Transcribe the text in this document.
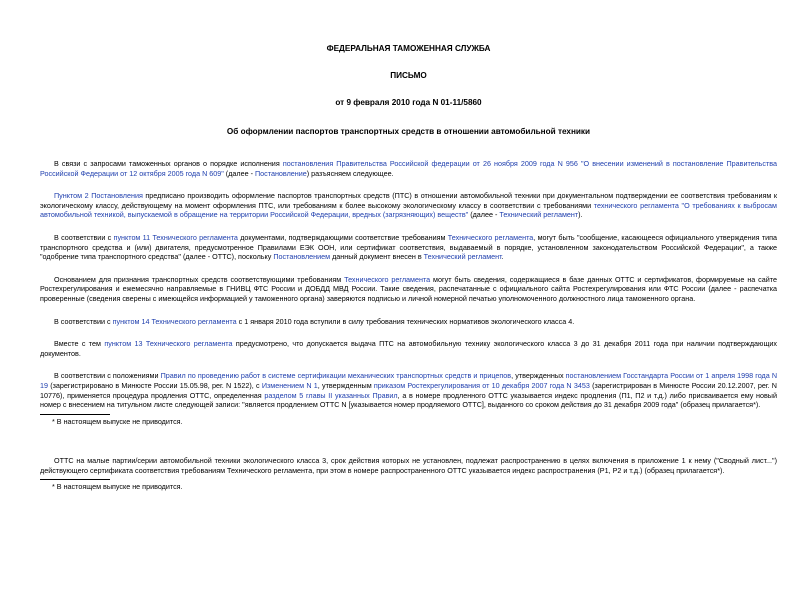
ФЕДЕРАЛЬНАЯ ТАМОЖЕННАЯ СЛУЖБА
ПИСЬМО
от 9 февраля 2010 года N 01-11/5860
Об оформлении паспортов транспортных средств в отношении автомобильной техники

В связи с запросами таможенных органов о порядке исполнения постановления Правительства Российской федерации от 26 ноября 2009 года N 956 "О внесении изменений в постановление Правительства Российской Федерации от 12 октября 2005 года N 609" (далее - Постановление) разъясняем следующее.

Пунктом 2 Постановления предписано производить оформление паспортов транспортных средств (ПТС) в отношении автомобильной техники при документальном подтверждении ее соответствия требованиям к экологическому классу, действующему на момент оформления ПТС, или требованиям к более высокому экологическому классу в соответствии с требованиями технического регламента "О требованиях к выбросам автомобильной техникой, выпускаемой в обращение на территории Российской Федерации, вредных (загрязняющих) веществ" (далее - Технический регламент).

В соответствии с пунктом 11 Технического регламента документами, подтверждающими соответствие требованиям Технического регламента, могут быть "сообщение, касающееся официального утверждения типа транспортного средства и (или) двигателя, предусмотренное Правилами ЕЭК ООН, или сертификат соответствия, выдаваемый в порядке, установленном законодательством Российской Федерации", а также "одобрение типа транспортного средства" (далее - ОТТС), поскольку Постановлением данный документ внесен в Технический регламент.

Основанием для признания транспортных средств соответствующими требованиям Технического регламента могут быть сведения, содержащиеся в базе данных ОТТС и сертификатов, формируемые на сайте Ростехрегулирования и ежемесячно направляемые в ГНИВЦ ФТС России и ДОБДД МВД России. Такие сведения, распечатанные с официального сайта Ростехрегулирования или ФТС России (далее - распечатка проверенные (сведения сверены с имеющейся информацией у таможенного органа) заверяются подписью и личной номерной печатью уполномоченного должностного лица таможенного органа.

В соответствии с пунктом 14 Технического регламента с 1 января 2010 года вступили в силу требования технических нормативов экологического класса 4.

Вместе с тем пунктом 13 Технического регламента предусмотрено, что допускается выдача ПТС на автомобильную технику экологического класса 3 до 31 декабря 2011 года при наличии подтверждающих документов.

В соответствии с положениями Правил по проведению работ в системе сертификации механических транспортных средств и прицепов, утвержденных постановлением Госстандарта России от 1 апреля 1998 года N 19 (зарегистрировано в Минюсте России 15.05.98, рег. N 1522), с Изменением N 1, утвержденным приказом Ростехрегулирования от 10 декабря 2007 года N 3453 (зарегистрирован в Минюсте России 20.12.2007, рег. N 10776), применяется процедура продления ОТТС, определенная разделом 5 главы II указанных Правил, а в номере продленного ОТТС указывается индекс продления (П1, П2 и т.д.) либо присваивается ему новый номер с внесением на титульном листе следующей записи: "является продлением ОТТС N [указывается номер продляемого ОТТС], выданного со сроком действия до 31 декабря 2009 года" (образец прилагается*).

* В настоящем выпуске не приводится.

ОТТС на малые партии/серии автомобильной техники экологического класса 3, срок действия которых не установлен, подлежат распространению в целях включения в приложение 1 к нему ("Сводный лист...") действующего сертификата соответствия требованиям Технического регламента, при этом в номере распространенного ОТТС указывается индекс распространения (Р1, Р2 и т.д.) (образец прилагается*).

* В настоящем выпуске не приводится.
